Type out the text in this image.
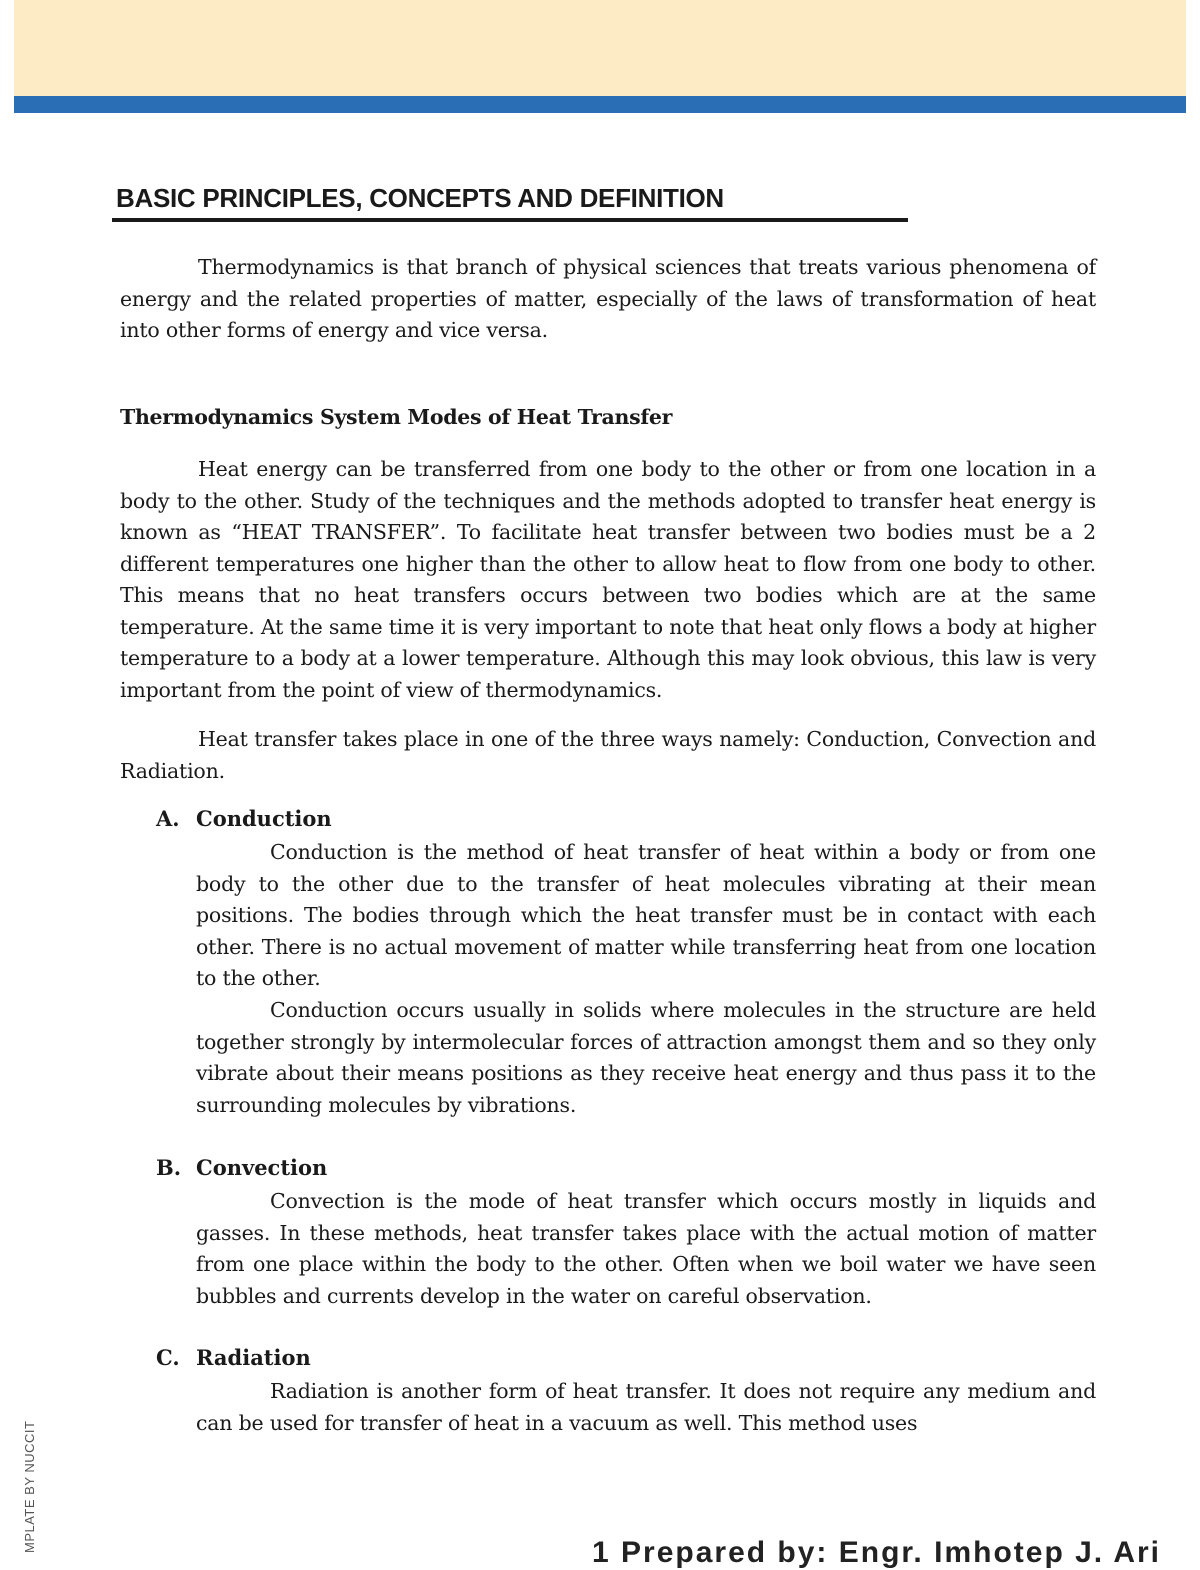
BASIC PRINCIPLES, CONCEPTS AND DEFINITION

Thermodynamics is that branch of physical sciences that treats various phenomena of energy and the related properties of matter, especially of the laws of transformation of heat into other forms of energy and vice versa.

Thermodynamics System Modes of Heat Transfer

Heat energy can be transferred from one body to the other or from one location in a body to the other. Study of the techniques and the methods adopted to transfer heat energy is known as “HEAT TRANSFER”. To facilitate heat transfer between two bodies must be a 2 different temperatures one higher than the other to allow heat to flow from one body to other. This means that no heat transfers occurs between two bodies which are at the same temperature. At the same time it is very important to note that heat only flows a body at higher temperature to a body at a lower temperature. Although this may look obvious, this law is very important from the point of view of thermodynamics.

Heat transfer takes place in one of the three ways namely: Conduction, Convection and Radiation.

A. Conduction

Conduction is the method of heat transfer of heat within a body or from one body to the other due to the transfer of heat molecules vibrating at their mean positions. The bodies through which the heat transfer must be in contact with each other. There is no actual movement of matter while transferring heat from one location to the other.

Conduction occurs usually in solids where molecules in the structure are held together strongly by intermolecular forces of attraction amongst them and so they only vibrate about their means positions as they receive heat energy and thus pass it to the surrounding molecules by vibrations.

B. Convection

Convection is the mode of heat transfer which occurs mostly in liquids and gasses. In these methods, heat transfer takes place with the actual motion of matter from one place within the body to the other. Often when we boil water we have seen bubbles and currents develop in the water on careful observation.

C. Radiation

Radiation is another form of heat transfer. It does not require any medium and can be used for transfer of heat in a vacuum as well. This method uses

MPLATE BY NUCCIT	1 Prepared by: Engr. Imhotep J. Ari
